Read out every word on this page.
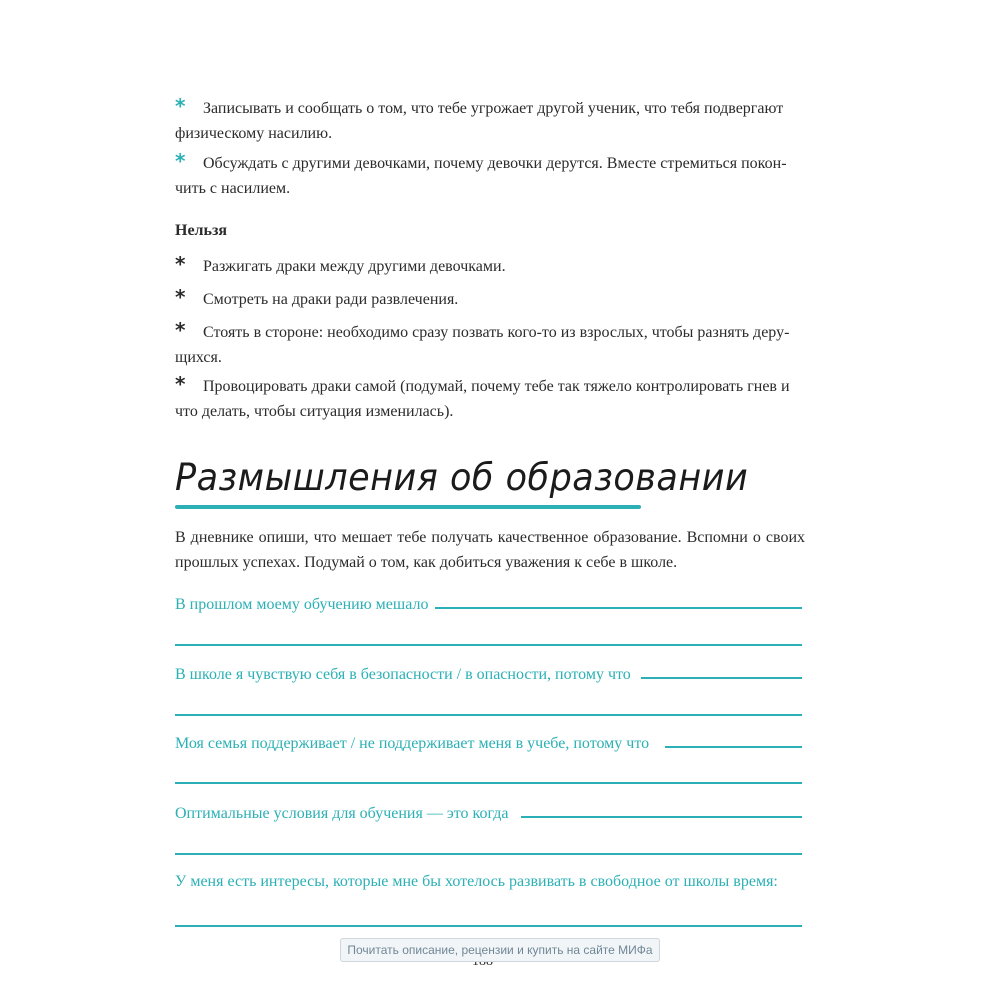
* Записывать и сообщать о том, что тебе угрожает другой ученик, что тебя подвергают
физическому насилию.
* Обсуждать с другими девочками, почему девочки дерутся. Вместе стремиться покон-
чить с насилием.
Нельзя
* Разжигать драки между другими девочками.
* Смотреть на драки ради развлечения.
* Стоять в стороне: необходимо сразу позвать кого-то из взрослых, чтобы разнять деру-
щихся.
* Провоцировать драки самой (подумай, почему тебе так тяжело контролировать гнев и
что делать, чтобы ситуация изменилась).
Размышления об образовании
В дневнике опиши, что мешает тебе получать качественное образование. Вспомни о своих прошлых успехах. Подумай о том, как добиться уважения к себе в школе.
В прошлом моему обучению мешало
В школе я чувствую себя в безопасности / в опасности, потому что
Моя семья поддерживает / не поддерживает меня в учебе, потому что
Оптимальные условия для обучения — это когда
У меня есть интересы, которые мне бы хотелось развивать в свободное от школы время:
Почитать описание, рецензии и купить на сайте МИФа
